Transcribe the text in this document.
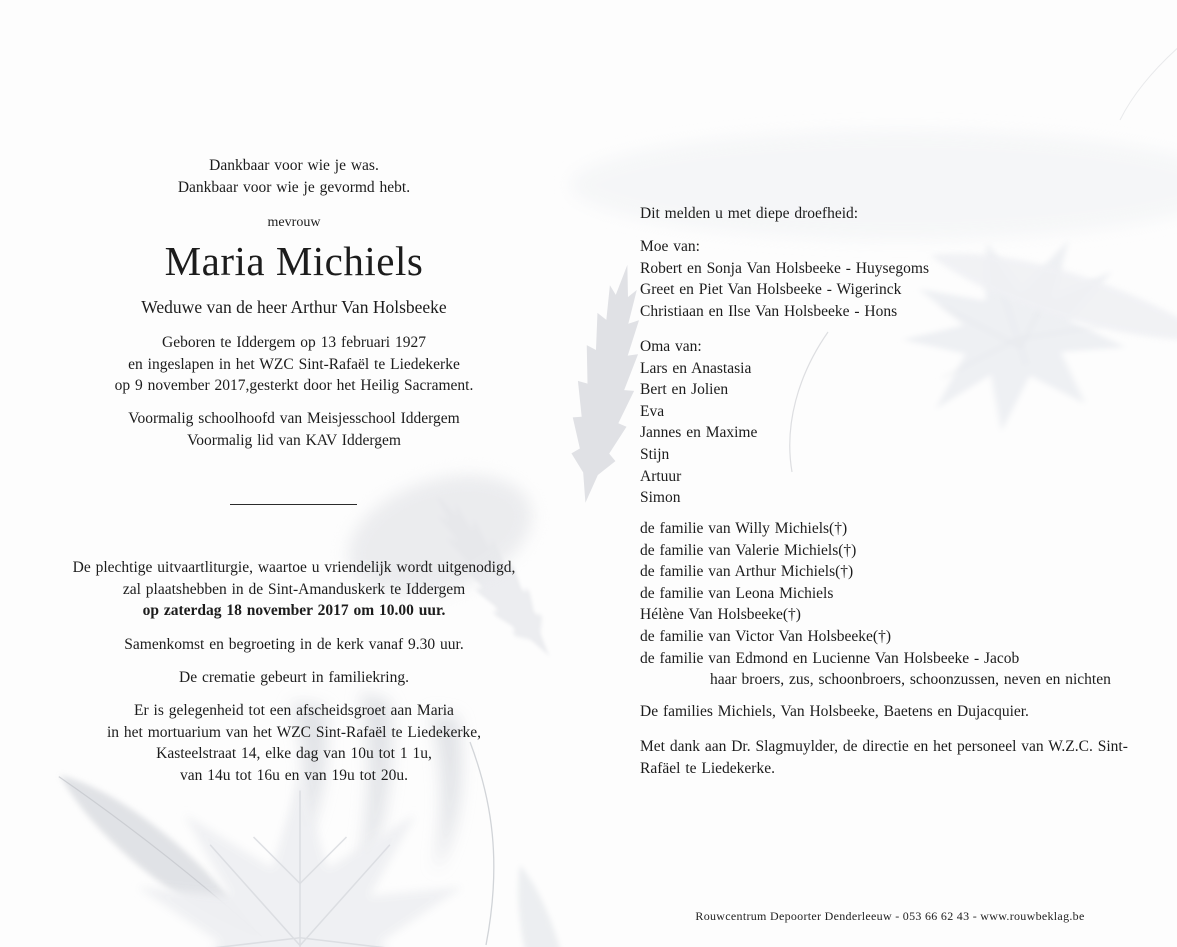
Dankbaar voor wie je was.
Dankbaar voor wie je gevormd hebt.
mevrouw
Maria Michiels
Weduwe van de heer Arthur Van Holsbeeke
Geboren te Iddergem op 13 februari 1927
en ingeslapen in het WZC Sint-Rafaël te Liedekerke
op 9 november 2017,gesterkt door het Heilig Sacrament.
Voormalig schoolhoofd van Meisjesschool Iddergem
Voormalig lid van KAV Iddergem
De plechtige uitvaartliturgie, waartoe u vriendelijk wordt uitgenodigd,
zal plaatshebben in de Sint-Amanduskerk te Iddergem
op zaterdag 18 november 2017 om 10.00 uur.
Samenkomst en begroeting in de kerk vanaf 9.30 uur.
De crematie gebeurt in familiekring.
Er is gelegenheid tot een afscheidsgroet aan Maria
in het mortuarium van het WZC Sint-Rafaël te Liedekerke,
Kasteelstraat 14, elke dag van 10u tot 1 1u,
van 14u tot 16u en van 19u tot 20u.
Dit melden u met diepe droefheid:
Moe van:
Robert en Sonja Van Holsbeeke - Huysegoms
Greet en Piet Van Holsbeeke - Wigerinck
Christiaan en Ilse Van Holsbeeke - Hons
Oma van:
Lars en Anastasia
Bert en Jolien
Eva
Jannes en Maxime
Stijn
Artuur
Simon
de familie van Willy Michiels(†)
de familie van Valerie Michiels(†)
de familie van Arthur Michiels(†)
de familie van Leona Michiels
Hélène Van Holsbeeke(†)
de familie van Victor Van Holsbeeke(†)
de familie van Edmond en Lucienne Van Holsbeeke - Jacob
haar broers, zus, schoonbroers, schoonzussen, neven en nichten
De families Michiels, Van Holsbeeke, Baetens en Dujacquier.
Met dank aan Dr. Slagmuylder, de directie en het personeel van W.Z.C. Sint-
Rafäel te Liedekerke.
Rouwcentrum Depoorter Denderleeuw - 053 66 62 43 - www.rouwbeklag.be
